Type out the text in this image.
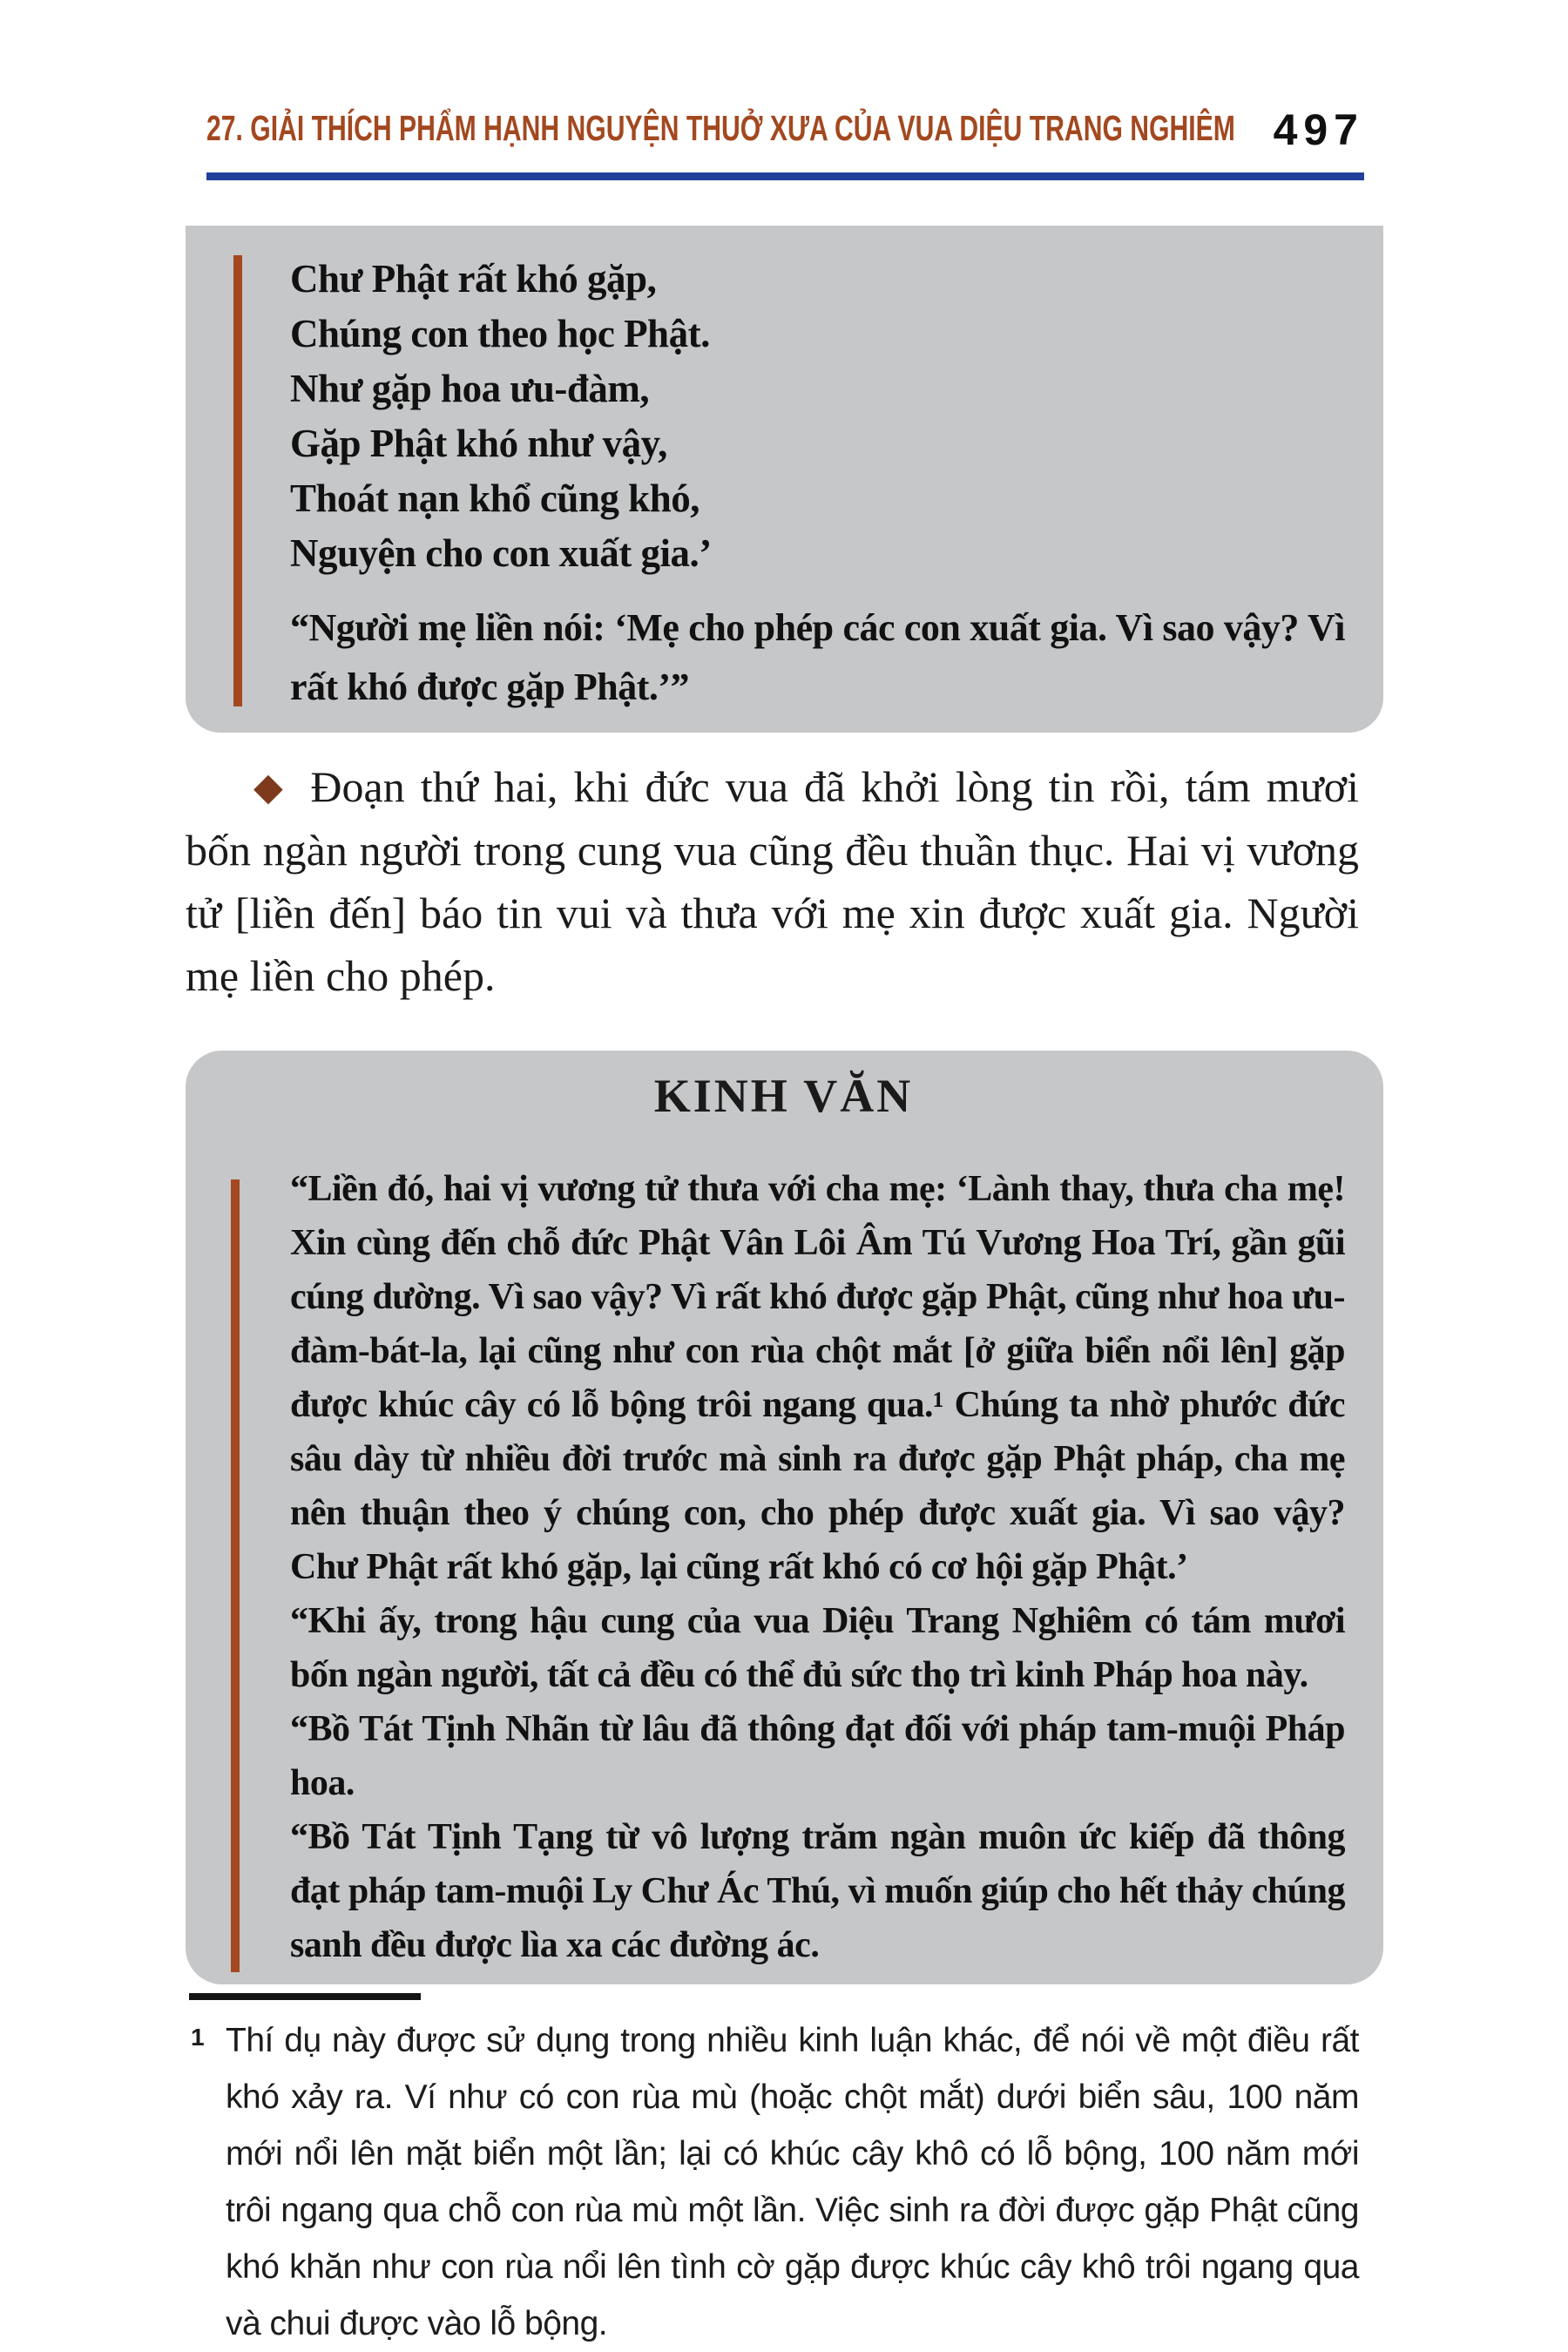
27. GIẢI THÍCH PHẨM HẠNH NGUYỆN THUỞ XƯA CỦA VUA DIỆU TRANG NGHIÊM 497
Chư Phật rất khó gặp,
Chúng con theo học Phật.
Như gặp hoa ưu-đàm,
Gặp Phật khó như vậy,
Thoát nạn khổ cũng khó,
Nguyện cho con xuất gia.’

“Người mẹ liền nói: ‘Mẹ cho phép các con xuất gia. Vì sao vậy? Vì rất khó được gặp Phật.’”

◆ Đoạn thứ hai, khi đức vua đã khởi lòng tin rồi, tám mươi bốn ngàn người trong cung vua cũng đều thuần thục. Hai vị vương tử [liền đến] báo tin vui và thưa với mẹ xin được xuất gia. Người mẹ liền cho phép.

KINH VĂN

“Liền đó, hai vị vương tử thưa với cha mẹ: ‘Lành thay, thưa cha mẹ! Xin cùng đến chỗ đức Phật Vân Lôi Âm Tú Vương Hoa Trí, gần gũi cúng dường. Vì sao vậy? Vì rất khó được gặp Phật, cũng như hoa ưu-đàm-bát-la, lại cũng như con rùa chột mắt [ở giữa biển nổi lên] gặp được khúc cây có lỗ bộng trôi ngang qua.¹ Chúng ta nhờ phước đức sâu dày từ nhiều đời trước mà sinh ra được gặp Phật pháp, cha mẹ nên thuận theo ý chúng con, cho phép được xuất gia. Vì sao vậy? Chư Phật rất khó gặp, lại cũng rất khó có cơ hội gặp Phật.’

“Khi ấy, trong hậu cung của vua Diệu Trang Nghiêm có tám mươi bốn ngàn người, tất cả đều có thể đủ sức thọ trì kinh Pháp hoa này.

“Bồ Tát Tịnh Nhãn từ lâu đã thông đạt đối với pháp tam-muội Pháp hoa.

“Bồ Tát Tịnh Tạng từ vô lượng trăm ngàn muôn ức kiếp đã thông đạt pháp tam-muội Ly Chư Ác Thú, vì muốn giúp cho hết thảy chúng sanh đều được lìa xa các đường ác.

1 Thí dụ này được sử dụng trong nhiều kinh luận khác, để nói về một điều rất khó xảy ra. Ví như có con rùa mù (hoặc chột mắt) dưới biển sâu, 100 năm mới nổi lên mặt biển một lần; lại có khúc cây khô có lỗ bộng, 100 năm mới trôi ngang qua chỗ con rùa mù một lần. Việc sinh ra đời được gặp Phật cũng khó khăn như con rùa nổi lên tình cờ gặp được khúc cây khô trôi ngang qua và chui được vào lỗ bộng.
